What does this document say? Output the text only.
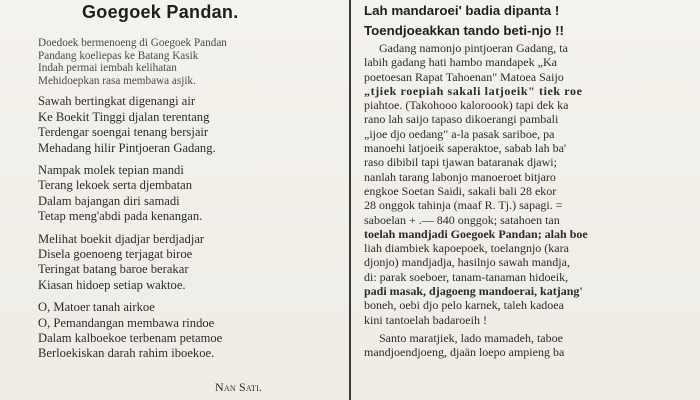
Goegoek Pandan.
Doedoek bermenoeng di Goegoek Pandan
Pandang koeliepas ke Batang Kasik
Indah permai iembah kelihatan
Mehidoepkan rasa membawa asjik.
Sawah bertingkat digenangi air
Ke Boekit Tinggi djalan terentang
Terdengar soengai tenang bersjair
Mehadang hilir Pintjoeran Gadang.
Nampak molek tepian mandi
Terang lekoek serta djembatan
Dalam bajangan diri samadi
Tetap meng'abdi pada kenangan.
Melihat boekit djadjar berdjadjar
Disela goenoeng terjagat biroe
Teringat batang baroe berakar
Kiasan hidoep setiap waktoe.
O, Matoer tanah airkoe
O, Pemandangan membawa rindoe
Dalam kalboekoe terbenam petamoe
Berloekiskan darah rahim iboekoe.
Nan Sati.
Lah mandaroei' badia dipanta !
Toendjoeakkan tando beti-njo !!
Gadang namonjo pintjoeran Gadang, ta
labih gadang hati hambo mandapek „Ka
poetoesan Rapat Tahoenan" Matoea Saijo
„tjiek roepiah sakali latjoeik" tiek roe
piahtoe. (Takohooo kaloroook) tapi dek ka
rano lah saijo tapaso dikoerangi pambali
„ijoe djo oedang" a-la pasak sariboe, pa
manoehi latjoeik saperaktoe, sabab lah ba'
raso dibibil tapi tjawan bataranak djawi;
nanlah tarang labonjo manoeroet bitjaro
engkoe Soetan Saidi, sakali bali 28 ekor
28 onggok tahinja (maaf R. Tj.) sapagi. =
saboelan + .— 840 onggok; satahoen tan
toelah mandjadi Goegoek Pandan; alah boe
liah diambiek kapoepoek, toelangnjo (kara
djonjo) mandjadja, hasilnjo sawah mandja,
di: parak soeboer, tanam-tanaman hidoeik,
padi masak, djagoeng mandoerai, katjang'
boneh, oebi djo pelo karnek, taleh kadoea
kini tantoelah badaroeih !
Santo maratjiek, lado mamadeh, taboe
mandjoendjoeng, djaän loepo ampieng ba
